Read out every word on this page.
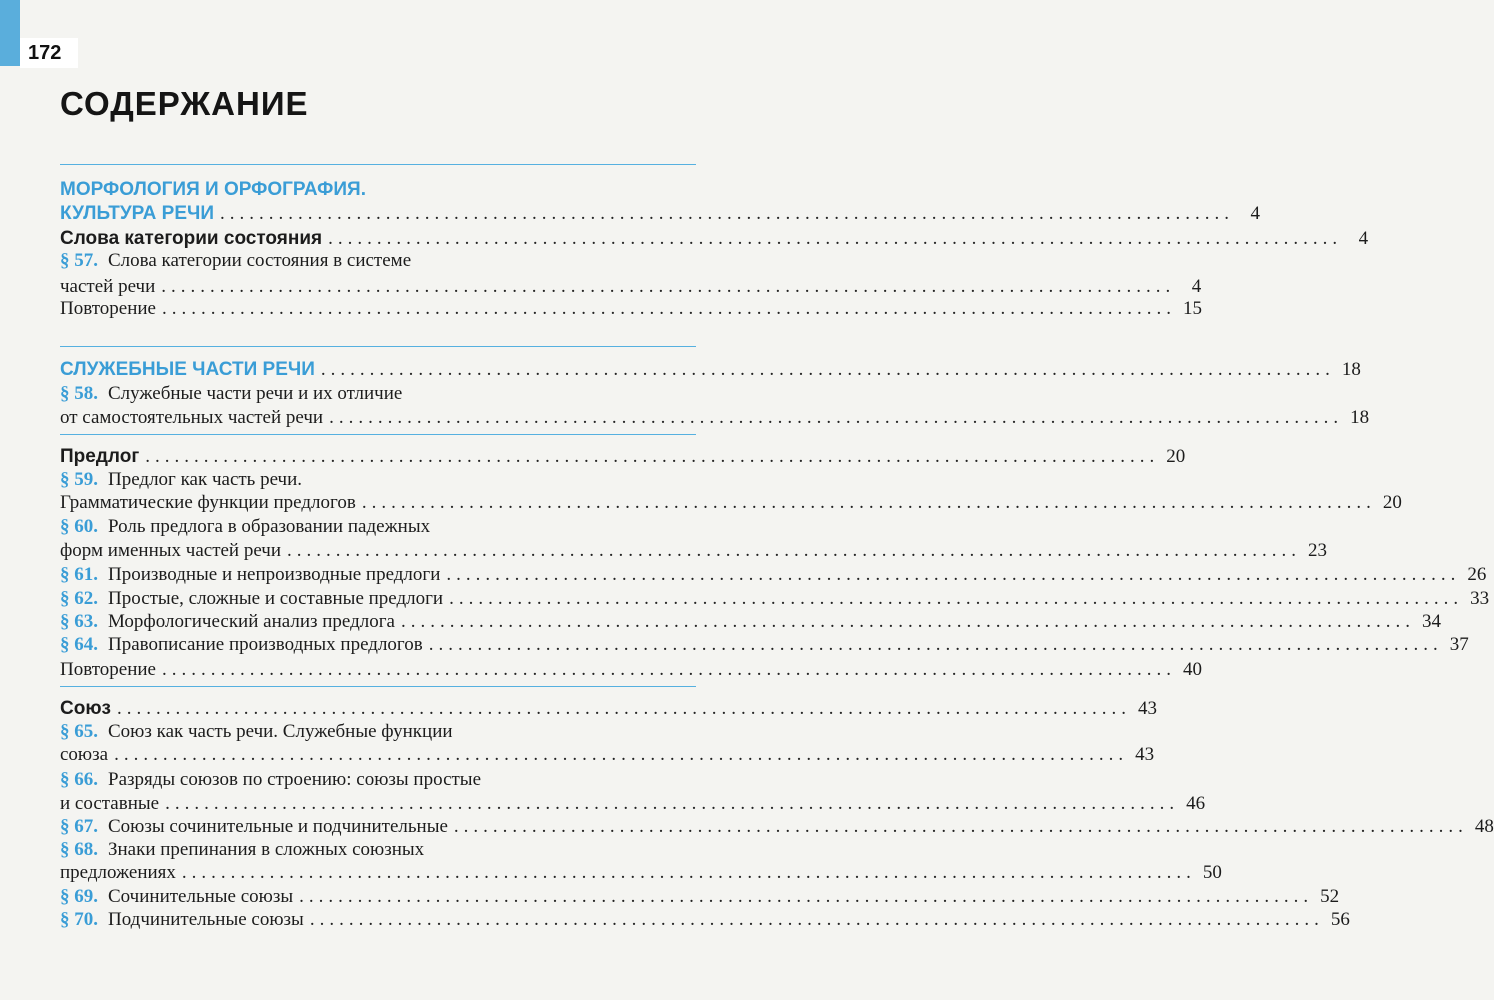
172
СОДЕРЖАНИЕ
МОРФОЛОГИЯ И ОРФОГРАФИЯ.
КУЛЬТУРА РЕЧИ ........................................................................................................ 4
Слова категории состояния ........................................................................................................ 4
§ 57. Слова категории состояния в системе
частей речи ........................................................................................................ 4
Повторение ........................................................................................................ 15
СЛУЖЕБНЫЕ ЧАСТИ РЕЧИ ........................................................................................................ 18
§ 58. Служебные части речи и их отличие
от самостоятельных частей речи ........................................................................................................ 18
Предлог ........................................................................................................ 20
§ 59. Предлог как часть речи.
Грамматические функции предлогов ........................................................................................................ 20
§ 60. Роль предлога в образовании падежных
форм именных частей речи ........................................................................................................ 23
§ 61. Производные и непроизводные предлоги ........................................................................................................ 26
§ 62. Простые, сложные и составные предлоги ........................................................................................................ 33
§ 63. Морфологический анализ предлога ........................................................................................................ 34
§ 64. Правописание производных предлогов ........................................................................................................ 37
Повторение ........................................................................................................ 40
Союз ........................................................................................................ 43
§ 65. Союз как часть речи. Служебные функции
союза ........................................................................................................ 43
§ 66. Разряды союзов по строению: союзы простые
и составные ........................................................................................................ 46
§ 67. Союзы сочинительные и подчинительные ........................................................................................................ 48
§ 68. Знаки препинания в сложных союзных
предложениях ........................................................................................................ 50
§ 69. Сочинительные союзы ........................................................................................................ 52
§ 70. Подчинительные союзы ........................................................................................................ 56
